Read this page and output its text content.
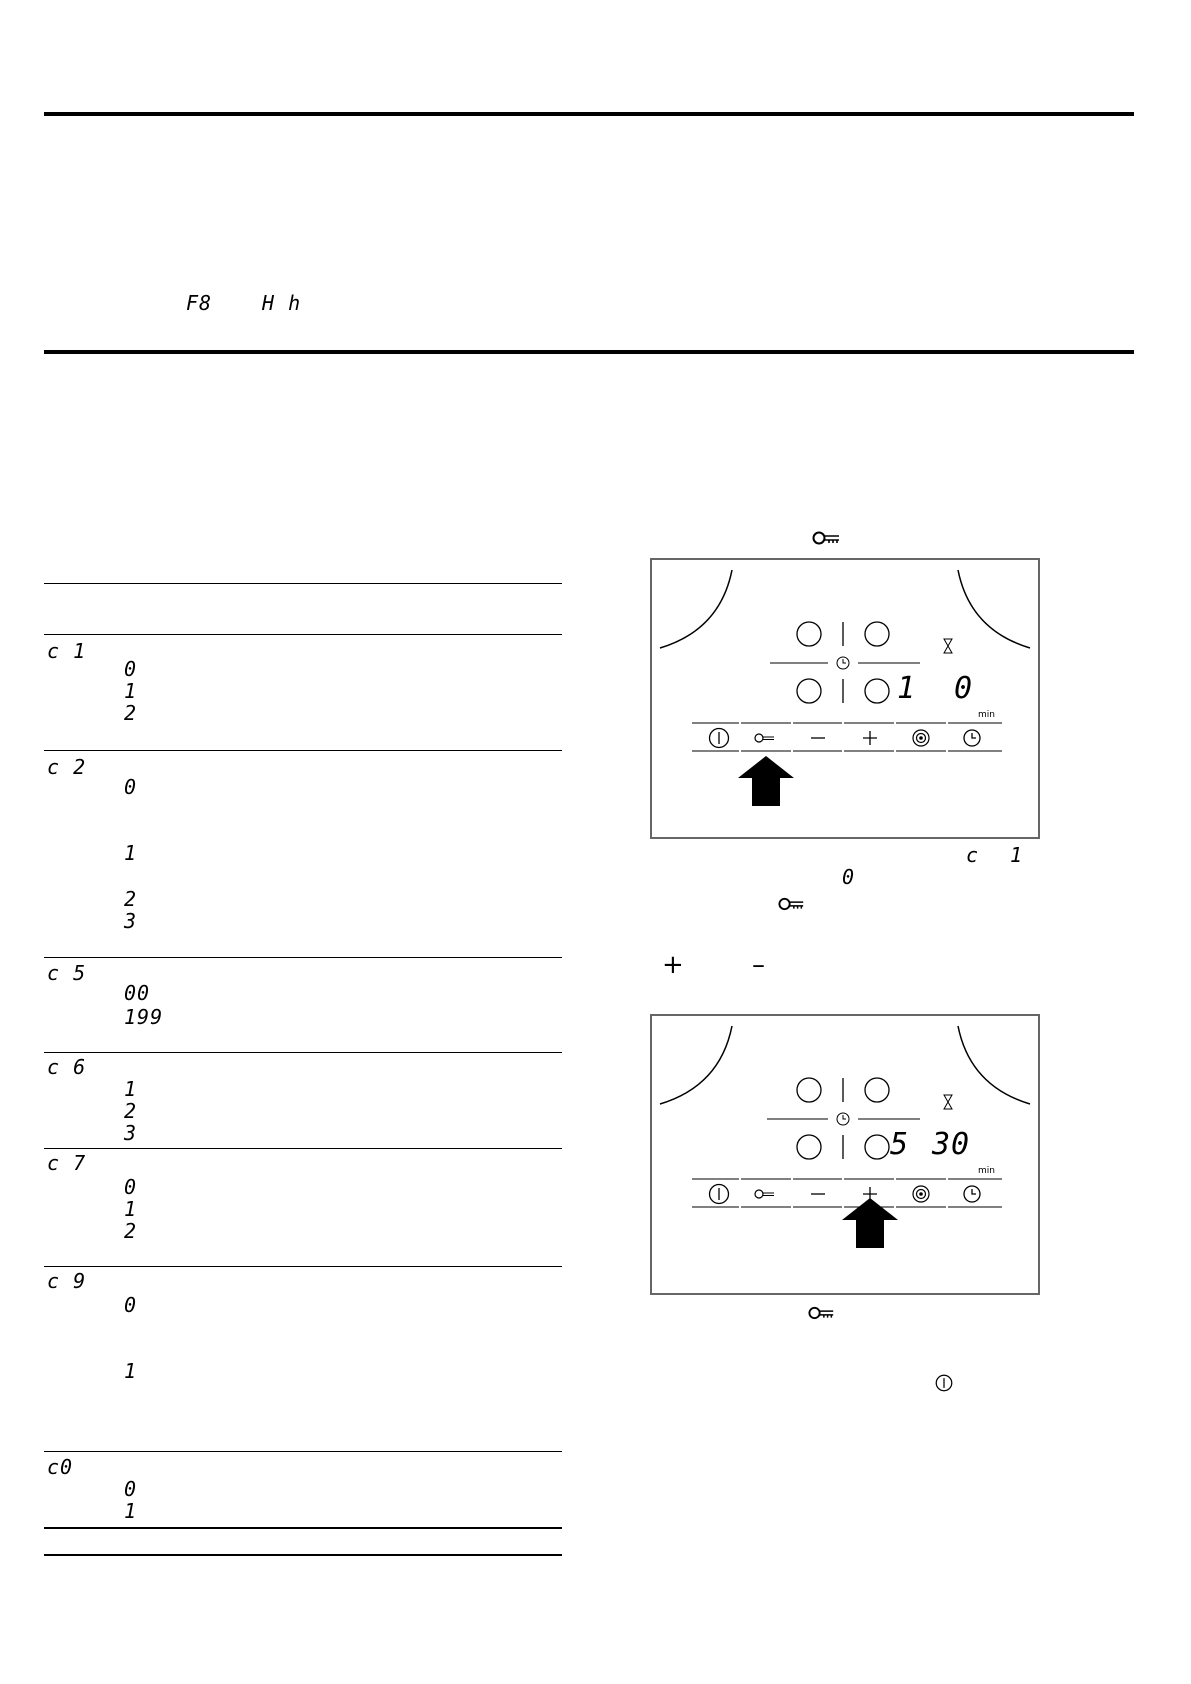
F8 H h
c 1
0
1
2
c 2
0
1
2
3
c 5
00
199
c 6
1
2
3
c 7
0
1
2
c 9
0
1
c0
0
1
1 0
min
c 1
0
+	–
5 30
min
